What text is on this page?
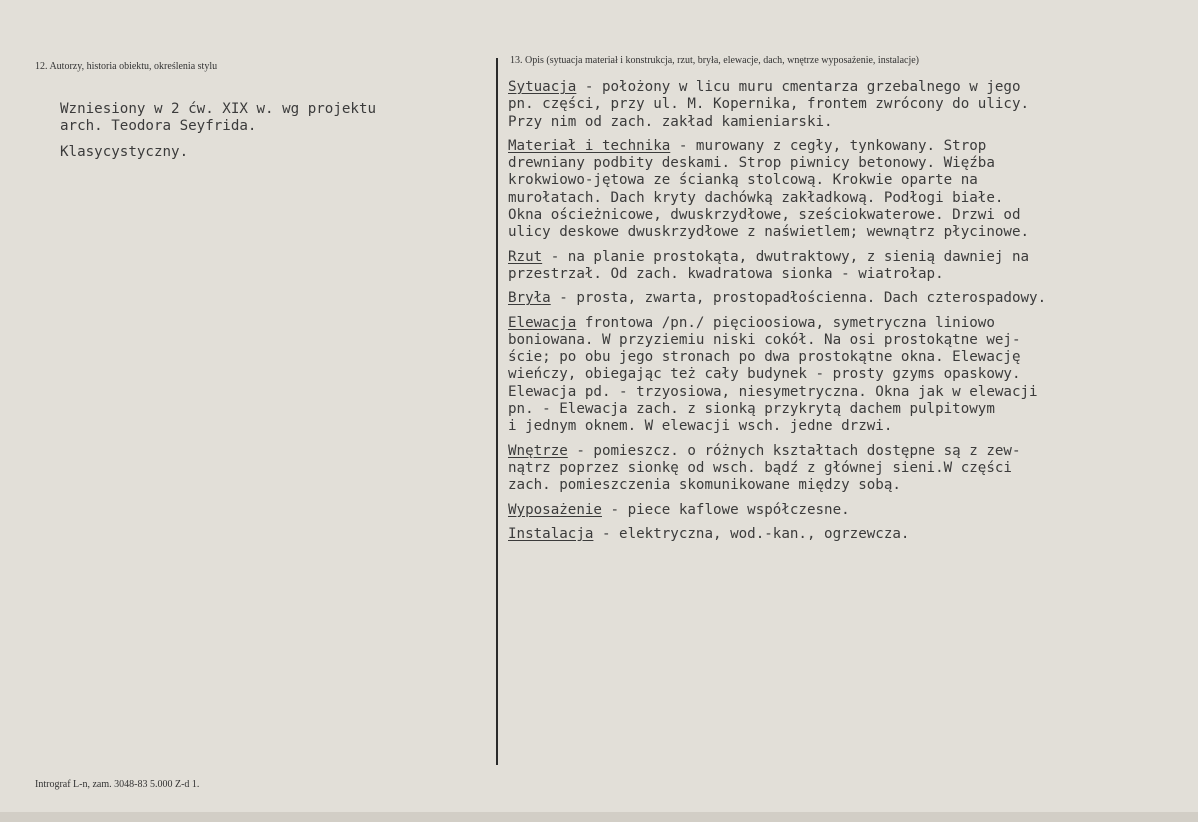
12. Autorzy, historia obiektu, określenia stylu
13. Opis (sytuacja materiał i konstrukcja, rzut, bryła, elewacje, dach, wnętrze wyposażenie, instalacje)
Wzniesiony w 2 ćw. XIX w. wg projektu
arch. Teodora Seyfrida.
Klasycystyczny.
Sytuacja - położony w licu muru cmentarza grzebalnego w jego
pn. części, przy ul. M. Kopernika, frontem zwrócony do ulicy.
Przy nim od zach. zakład kamieniarski.
Materiał i technika - murowany z cegły, tynkowany. Strop
drewniany podbity deskami. Strop piwnicy betonowy. Więźba
krokwiowo-jętowa ze ścianką stolcową. Krokwie oparte na
murołatach. Dach kryty dachówką zakładkową. Podłogi białe.
Okna ościeżnicowe, dwuskrzydłowe, sześciokwaterowe. Drzwi od
ulicy deskowe dwuskrzydłowe z naświetlem; wewnątrz płycinowe.
Rzut - na planie prostokąta, dwutraktowy, z sienią dawniej na
przestrzał. Od zach. kwadratowa sionka - wiatrołap.
Bryła - prosta, zwarta, prostopadłościenna. Dach czterospadowy.
Elewacja frontowa /pn./ pięcioosiowa, symetryczna liniowo
boniowana. W przyziemiu niski cokół. Na osi prostokątne wej-
ście; po obu jego stronach po dwa prostokątne okna. Elewację
wieńczy, obiegając też cały budynek - prosty gzyms opaskowy.
Elewacja pd. - trzyosiowa, niesymetryczna. Okna jak w elewacji
pn. - Elewacja zach. z sionką przykrytą dachem pulpitowym
i jednym oknem. W elewacji wsch. jedne drzwi.
Wnętrze - pomieszcz. o różnych kształtach dostępne są z zew-
nątrz poprzez sionkę od wsch. bądź z głównej sieni.W części
zach. pomieszczenia skomunikowane między sobą.
Wyposażenie - piece kaflowe współczesne.
Instalacja - elektryczna, wod.-kan., ogrzewcza.
Intrograf L-n, zam. 3048-83 5.000 Z-d 1.
